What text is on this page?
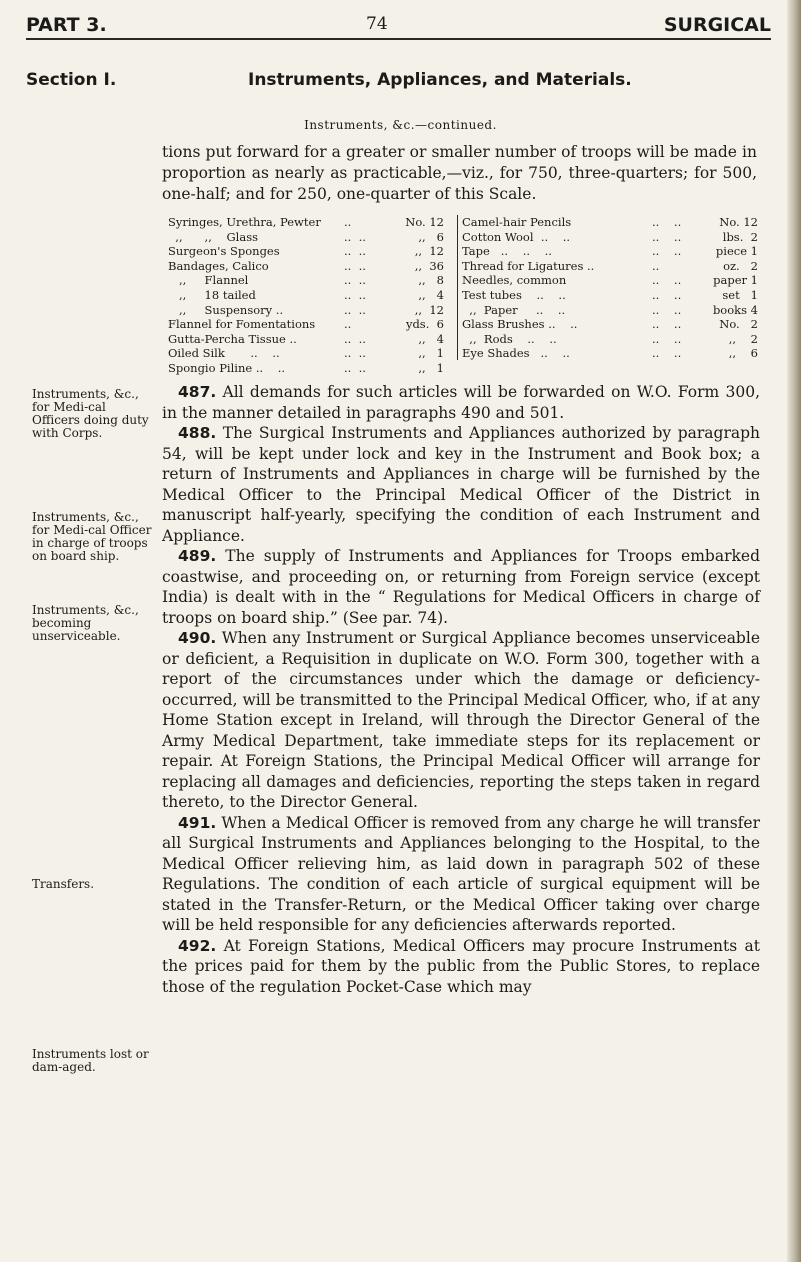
PART 3.	74	SURGICAL
Section I.	Instruments, Appliances, and Materials.
Instruments, &c.—continued.
tions put forward for a greater or smaller number of troops will be made in proportion as nearly as practicable,—viz., for 750, three-quarters; for 500, one-half; and for 250, one-quarter of this Scale.
Syringes, Urethra, Pewter ..	No. 12
,,      ,,    Glass	..  ..	,,   6
Surgeon's Sponges	..  ..	,,  12
Bandages, Calico	..  ..	,,  36
,,     Flannel	..  ..	,,   8
,,     18 tailed	..  ..	,,   4
,,     Suspensory ..	..  ..	,,  12
Flannel for Fomentations	..	yds.  6
Gutta-Percha Tissue ..	..  ..	,,   4
Oiled Silk       ..    ..	..  ..	,,   1
Spongio Piline ..    ..	..  ..	,,   1
Camel-hair Pencils	..    ..	No. 12
Cotton Wool  ..    ..	..    ..	lbs.  2
Tape   ..    ..    ..	..    ..	piece 1
Thread for Ligatures ..	..	oz.   2
Needles, common	..    ..	paper 1
Test tubes    ..    ..	..    ..	set   1
,,  Paper     ..    ..	..    ..	books 4
Glass Brushes ..    ..	..    ..	No.   2
,,  Rods    ..    ..	..    ..	,,    2
Eye Shades   ..    ..	..    ..	,,    6
Instruments, &c., for Medi-cal Officers doing duty with Corps.
Instruments, &c., for Medi-cal Officer in charge of troops on board ship.
Instruments, &c., becoming unserviceable.
Transfers.
Instruments lost or dam-aged.

487. All demands for such articles will be forwarded on W.O. Form 300, in the manner detailed in paragraphs 490 and 501.

488. The Surgical Instruments and Appliances authorized by paragraph 54, will be kept under lock and key in the Instrument and Book box; a return of Instruments and Appliances in charge will be furnished by the Medical Officer to the Principal Medical Officer of the District in manuscript half-yearly, specifying the condition of each Instrument and Appliance.

489. The supply of Instruments and Appliances for Troops embarked coastwise, and proceeding on, or returning from Foreign service (except India) is dealt with in the “ Regulations for Medical Officers in charge of troops on board ship.” (See par. 74).

490. When any Instrument or Surgical Appliance becomes unserviceable or deficient, a Requisition in duplicate on W.O. Form 300, together with a report of the circumstances under which the damage or deficiency-occurred, will be transmitted to the Principal Medical Officer, who, if at any Home Station except in Ireland, will through the Director General of the Army Medical Department, take immediate steps for its replacement or repair. At Foreign Stations, the Principal Medical Officer will arrange for replacing all damages and deficiencies, reporting the steps taken in regard thereto, to the Director General.

491. When a Medical Officer is removed from any charge he will transfer all Surgical Instruments and Appliances belonging to the Hospital, to the Medical Officer relieving him, as laid down in paragraph 502 of these Regulations. The condition of each article of surgical equipment will be stated in the Transfer-Return, or the Medical Officer taking over charge will be held responsible for any deficiencies afterwards reported.

492. At Foreign Stations, Medical Officers may procure Instruments at the prices paid for them by the public from the Public Stores, to replace those of the regulation Pocket-Case which may
